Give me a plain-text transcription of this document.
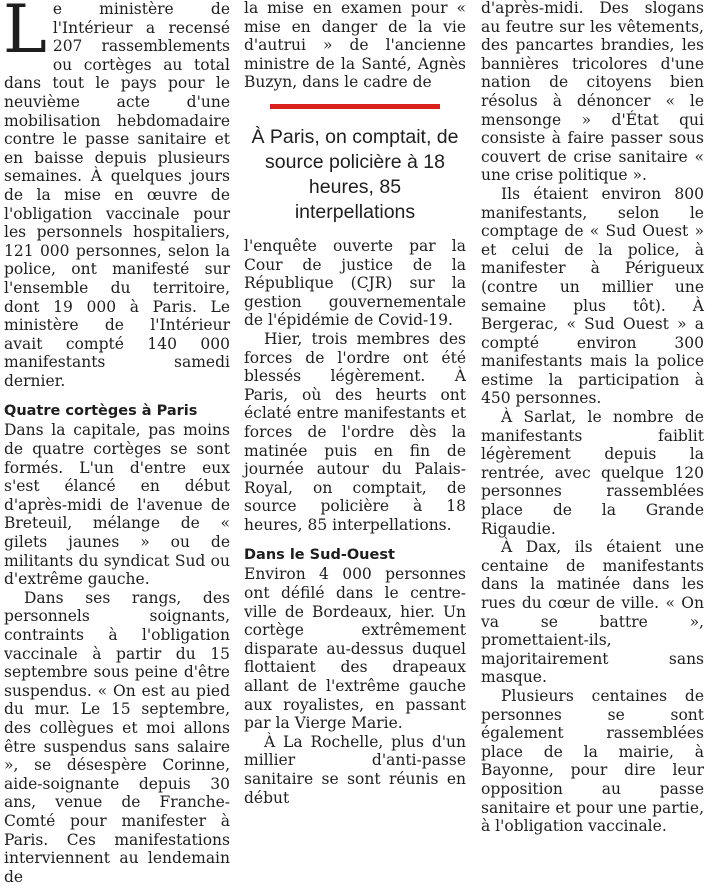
Le ministère de l'Intérieur a recensé 207 rassemblements ou cortèges au total dans tout le pays pour le neuvième acte d'une mobilisation hebdomadaire contre le passe sanitaire et en baisse depuis plusieurs semaines. À quelques jours de la mise en œuvre de l'obligation vaccinale pour les personnels hospitaliers, 121 000 personnes, selon la police, ont manifesté sur l'ensemble du territoire, dont 19 000 à Paris. Le ministère de l'Intérieur avait compté 140 000 manifestants samedi dernier.

Quatre cortèges à Paris

Dans la capitale, pas moins de quatre cortèges se sont formés. L'un d'entre eux s'est élancé en début d'après-midi de l'avenue de Breteuil, mélange de « gilets jaunes » ou de militants du syndicat Sud ou d'extrême gauche.

Dans ses rangs, des personnels soignants, contraints à l'obligation vaccinale à partir du 15 septembre sous peine d'être suspendus. « On est au pied du mur. Le 15 septembre, des collègues et moi allons être suspendus sans salaire », se désespère Corinne, aide-soignante depuis 30 ans, venue de Franche-Comté pour manifester à Paris. Ces manifestations interviennent au lendemain de

la mise en examen pour « mise en danger de la vie d'autrui » de l'ancienne ministre de la Santé, Agnès Buzyn, dans le cadre de

À Paris, on comptait, de source policière à 18 heures, 85 interpellations

l'enquête ouverte par la Cour de justice de la République (CJR) sur la gestion gouvernementale de l'épidémie de Covid-19.

Hier, trois membres des forces de l'ordre ont été blessés légèrement. À Paris, où des heurts ont éclaté entre manifestants et forces de l'ordre dès la matinée puis en fin de journée autour du Palais-Royal, on comptait, de source policière à 18 heures, 85 interpellations.

Dans le Sud-Ouest

Environ 4 000 personnes ont défilé dans le centre-ville de Bordeaux, hier. Un cortège extrêmement disparate au-dessus duquel flottaient des drapeaux allant de l'extrême gauche aux royalistes, en passant par la Vierge Marie.

À La Rochelle, plus d'un millier d'anti-passe sanitaire se sont réunis en début

d'après-midi. Des slogans au feutre sur les vêtements, des pancartes brandies, les bannières tricolores d'une nation de citoyens bien résolus à dénoncer « le mensonge » d'État qui consiste à faire passer sous couvert de crise sanitaire « une crise politique ».

Ils étaient environ 800 manifestants, selon le comptage de « Sud Ouest » et celui de la police, à manifester à Périgueux (contre un millier une semaine plus tôt). À Bergerac, « Sud Ouest » a compté environ 300 manifestants mais la police estime la participation à 450 personnes.

À Sarlat, le nombre de manifestants faiblit légèrement depuis la rentrée, avec quelque 120 personnes rassemblées place de la Grande Rigaudie.

À Dax, ils étaient une centaine de manifestants dans la matinée dans les rues du cœur de ville. « On va se battre », promettaient-ils, majoritairement sans masque.

Plusieurs centaines de personnes se sont également rassemblées place de la mairie, à Bayonne, pour dire leur opposition au passe sanitaire et pour une partie, à l'obligation vaccinale.
